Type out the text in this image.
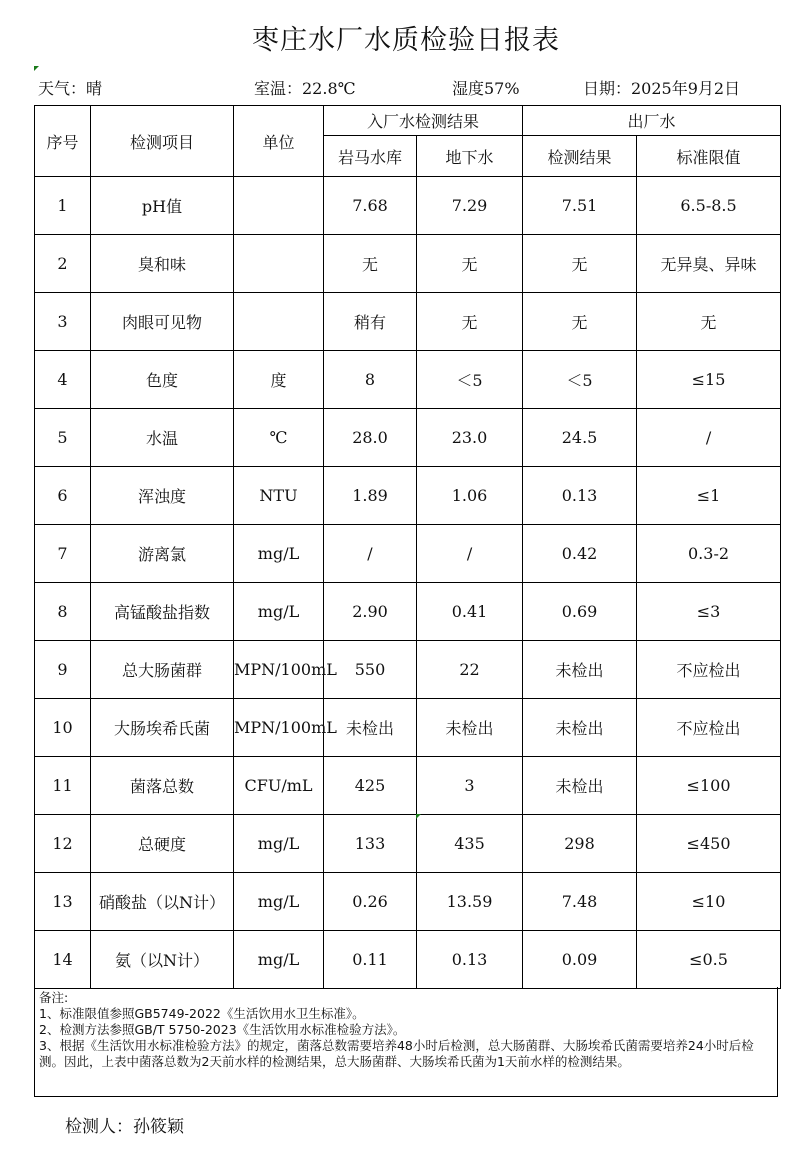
枣庄水厂水质检验日报表
天气：晴	室温：22.8℃	湿度57%	日期：2025年9月2日
序号	检测项目	单位	入厂水检测结果		出厂水	
			岩马水库	地下水	检测结果	标准限值
1	pH值		7.68	7.29	7.51	6.5-8.5
2	臭和味		无	无	无	无异臭、异味
3	肉眼可见物		稍有	无	无	无
4	色度	度	8	＜5	＜5	≤15
5	水温	℃	28.0	23.0	24.5	/
6	浑浊度	NTU	1.89	1.06	0.13	≤1
7	游离氯	mg/L	/	/	0.42	0.3-2
8	高锰酸盐指数	mg/L	2.90	0.41	0.69	≤3
9	总大肠菌群	MPN/100mL	550	22	未检出	不应检出
10	大肠埃希氏菌	MPN/100mL	未检出	未检出	未检出	不应检出
11	菌落总数	CFU/mL	425	3	未检出	≤100
12	总硬度	mg/L	133	435	298	≤450
13	硝酸盐（以N计）	mg/L	0.26	13.59	7.48	≤10
14	氨（以N计）	mg/L	0.11	0.13	0.09	≤0.5
备注:
1、标准限值参照GB5749-2022《生活饮用水卫生标准》。
2、检测方法参照GB/T 5750-2023《生活饮用水标准检验方法》。
3、根据《生活饮用水标准检验方法》的规定，菌落总数需要培养48小时后检测，总大肠菌群、大肠埃希氏菌需要培养24小时后检测。因此，上表中菌落总数为2天前水样的检测结果，总大肠菌群、大肠埃希氏菌为1天前水样的检测结果。
检测人：孙筱颖
